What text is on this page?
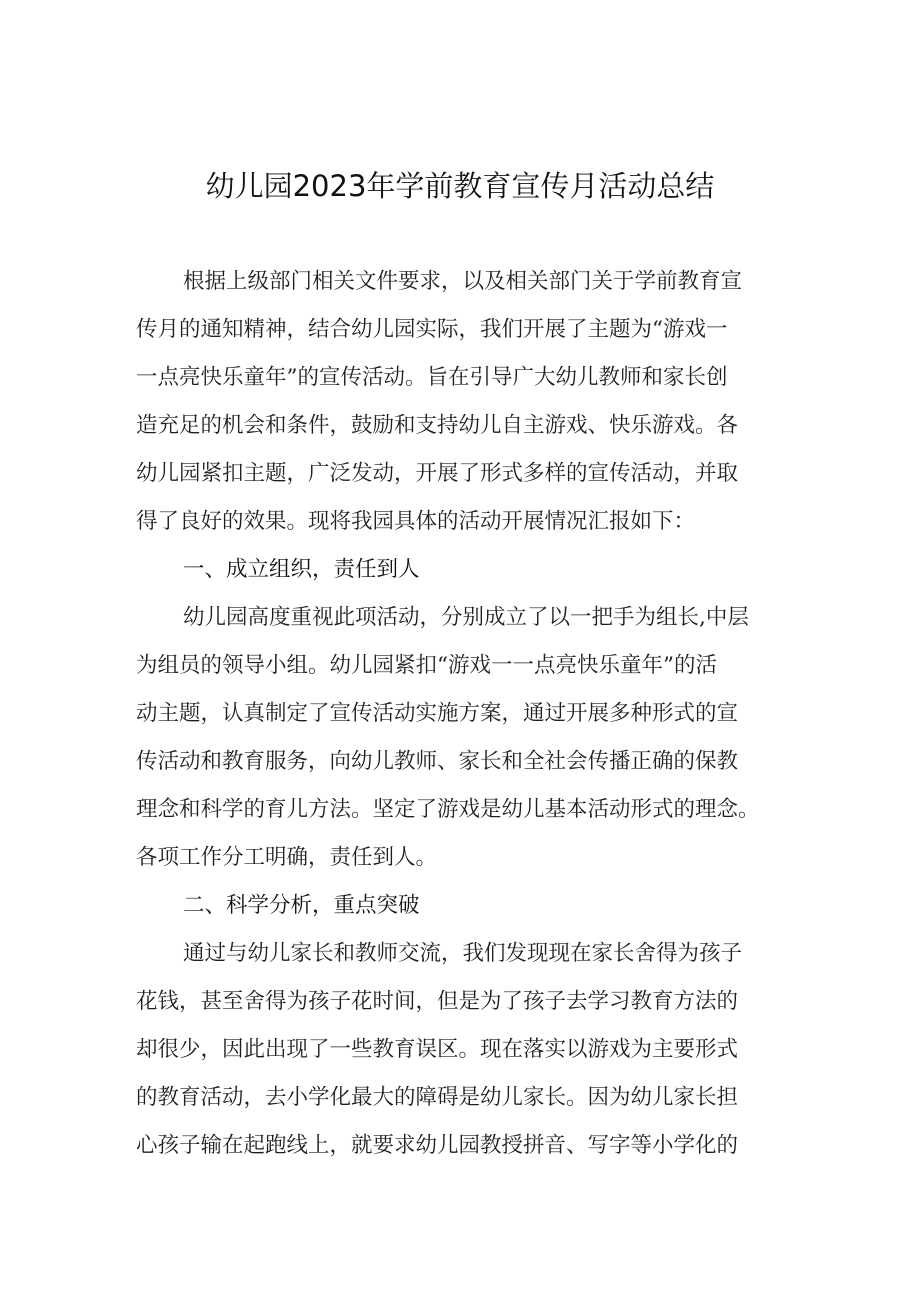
幼儿园2023年学前教育宣传月活动总结
根据上级部门相关文件要求，以及相关部门关于学前教育宣
传月的通知精神，结合幼儿园实际，我们开展了主题为“游戏一
一点亮快乐童年”的宣传活动。旨在引导广大幼儿教师和家长创
造充足的机会和条件，鼓励和支持幼儿自主游戏、快乐游戏。各
幼儿园紧扣主题，广泛发动，开展了形式多样的宣传活动，并取
得了良好的效果。现将我园具体的活动开展情况汇报如下：
一、成立组织，责任到人
幼儿园高度重视此项活动，分别成立了以一把手为组长,中层
为组员的领导小组。幼儿园紧扣“游戏一一点亮快乐童年”的活
动主题，认真制定了宣传活动实施方案，通过开展多种形式的宣
传活动和教育服务，向幼儿教师、家长和全社会传播正确的保教
理念和科学的育儿方法。坚定了游戏是幼儿基本活动形式的理念。
各项工作分工明确，责任到人。
二、科学分析，重点突破
通过与幼儿家长和教师交流，我们发现现在家长舍得为孩子
花钱，甚至舍得为孩子花时间，但是为了孩子去学习教育方法的
却很少，因此出现了一些教育误区。现在落实以游戏为主要形式
的教育活动，去小学化最大的障碍是幼儿家长。因为幼儿家长担
心孩子输在起跑线上，就要求幼儿园教授拼音、写字等小学化的
